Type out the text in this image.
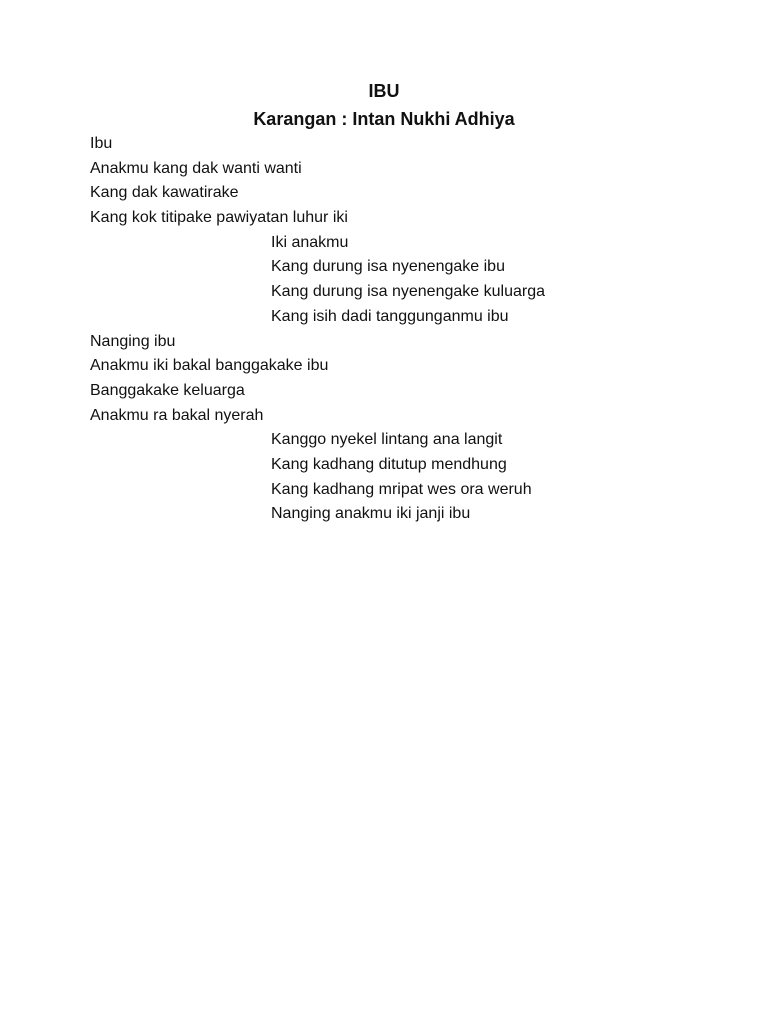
IBU
Karangan : Intan Nukhi Adhiya
Ibu
Anakmu kang dak wanti wanti
Kang dak kawatirake
Kang kok titipake pawiyatan luhur iki
Iki anakmu
Kang durung isa nyenengake ibu
Kang durung isa nyenengake kuluarga
Kang isih dadi tanggunganmu ibu
Nanging ibu
Anakmu iki bakal banggakake ibu
Banggakake keluarga
Anakmu ra bakal nyerah
Kanggo nyekel lintang ana langit
Kang kadhang ditutup mendhung
Kang kadhang mripat wes ora weruh
Nanging anakmu iki janji ibu
